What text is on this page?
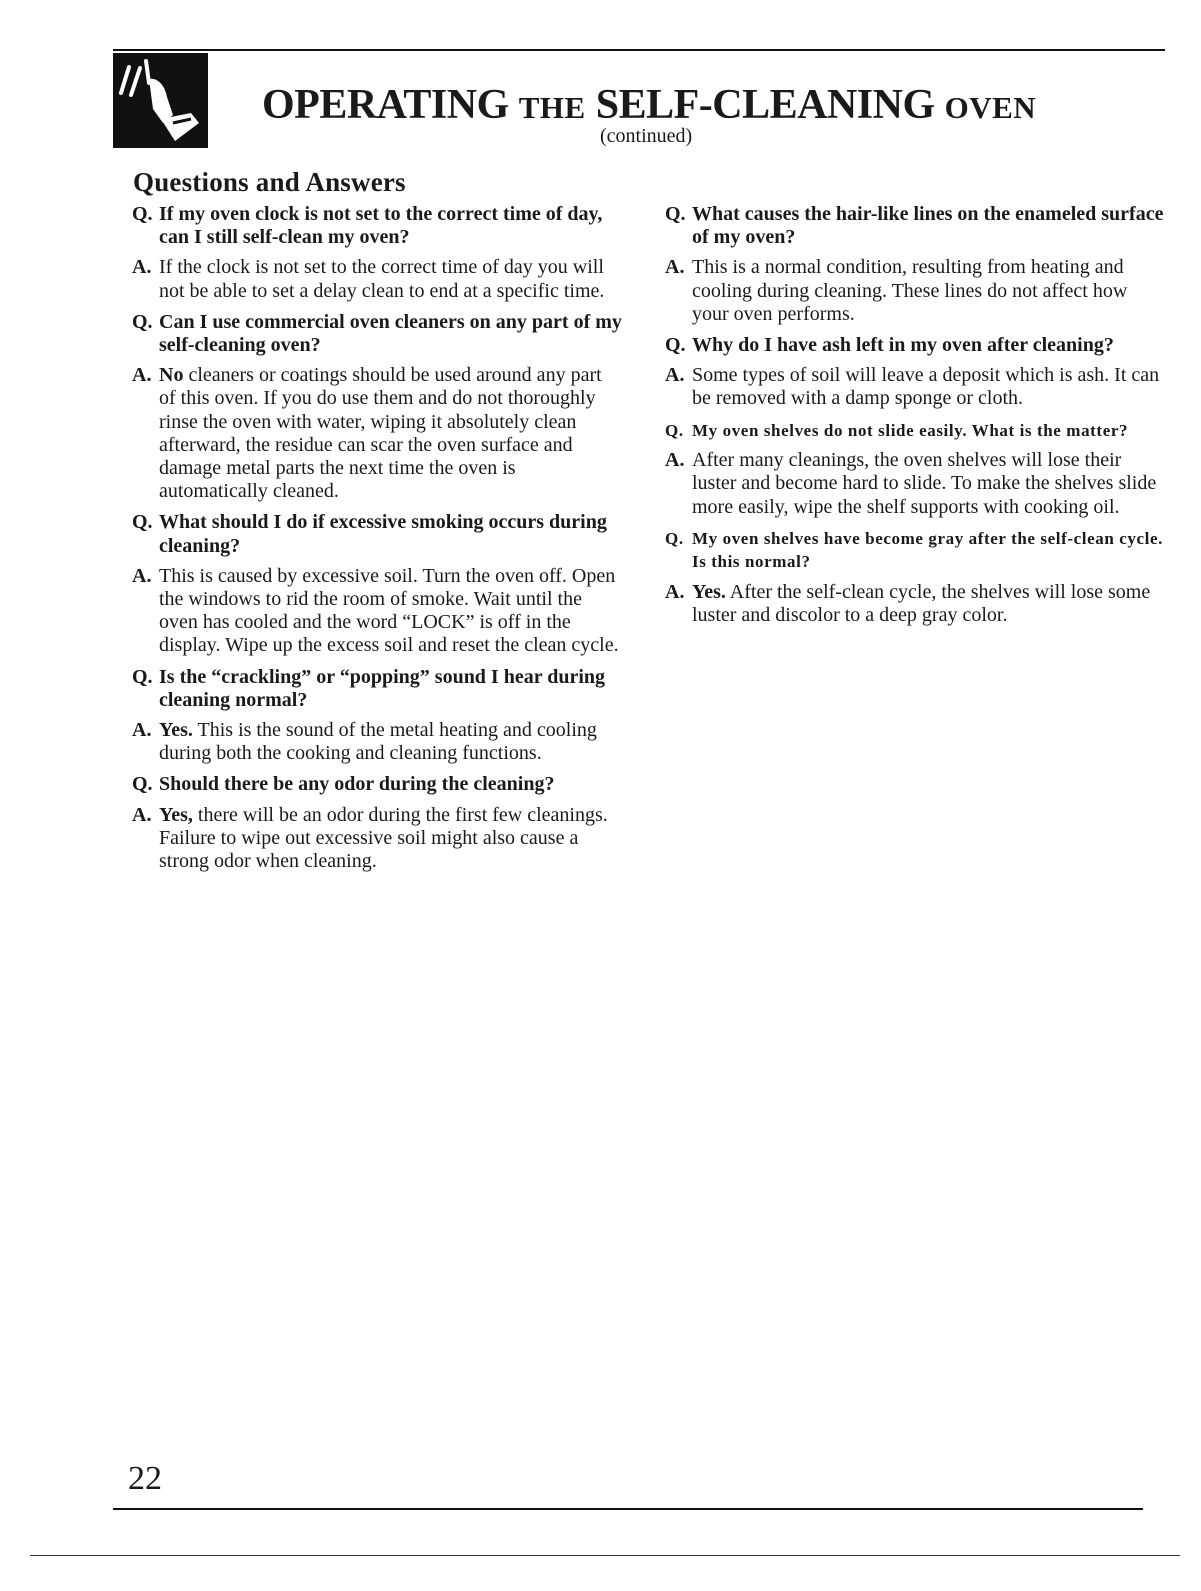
OPERATING THE SELF-CLEANING OVEN
(continued)
Questions and Answers

Q. If my oven clock is not set to the correct time of day, can I still self-clean my oven?

A. If the clock is not set to the correct time of day you will not be able to set a delay clean to end at a specific time.

Q. Can I use commercial oven cleaners on any part of my self-cleaning oven?

A. No cleaners or coatings should be used around any part of this oven. If you do use them and do not thoroughly rinse the oven with water, wiping it absolutely clean afterward, the residue can scar the oven surface and damage metal parts the next time the oven is automatically cleaned.

Q. What should I do if excessive smoking occurs during cleaning?

A. This is caused by excessive soil. Turn the oven off. Open the windows to rid the room of smoke. Wait until the oven has cooled and the word “LOCK” is off in the display. Wipe up the excess soil and reset the clean cycle.

Q. Is the “crackling” or “popping” sound I hear during cleaning normal?

A. Yes. This is the sound of the metal heating and cooling during both the cooking and cleaning functions.

Q. Should there be any odor during the cleaning?

A. Yes, there will be an odor during the first few cleanings. Failure to wipe out excessive soil might also cause a strong odor when cleaning.

Q. What causes the hair-like lines on the enameled surface of my oven?

A. This is a normal condition, resulting from heating and cooling during cleaning. These lines do not affect how your oven performs.

Q. Why do I have ash left in my oven after cleaning?

A. Some types of soil will leave a deposit which is ash. It can be removed with a damp sponge or cloth.

Q. My oven shelves do not slide easily. What is the matter?

A. After many cleanings, the oven shelves will lose their luster and become hard to slide. To make the shelves slide more easily, wipe the shelf supports with cooking oil.

Q. My oven shelves have become gray after the self-clean cycle. Is this normal?

A. Yes. After the self-clean cycle, the shelves will lose some luster and discolor to a deep gray color.

22
